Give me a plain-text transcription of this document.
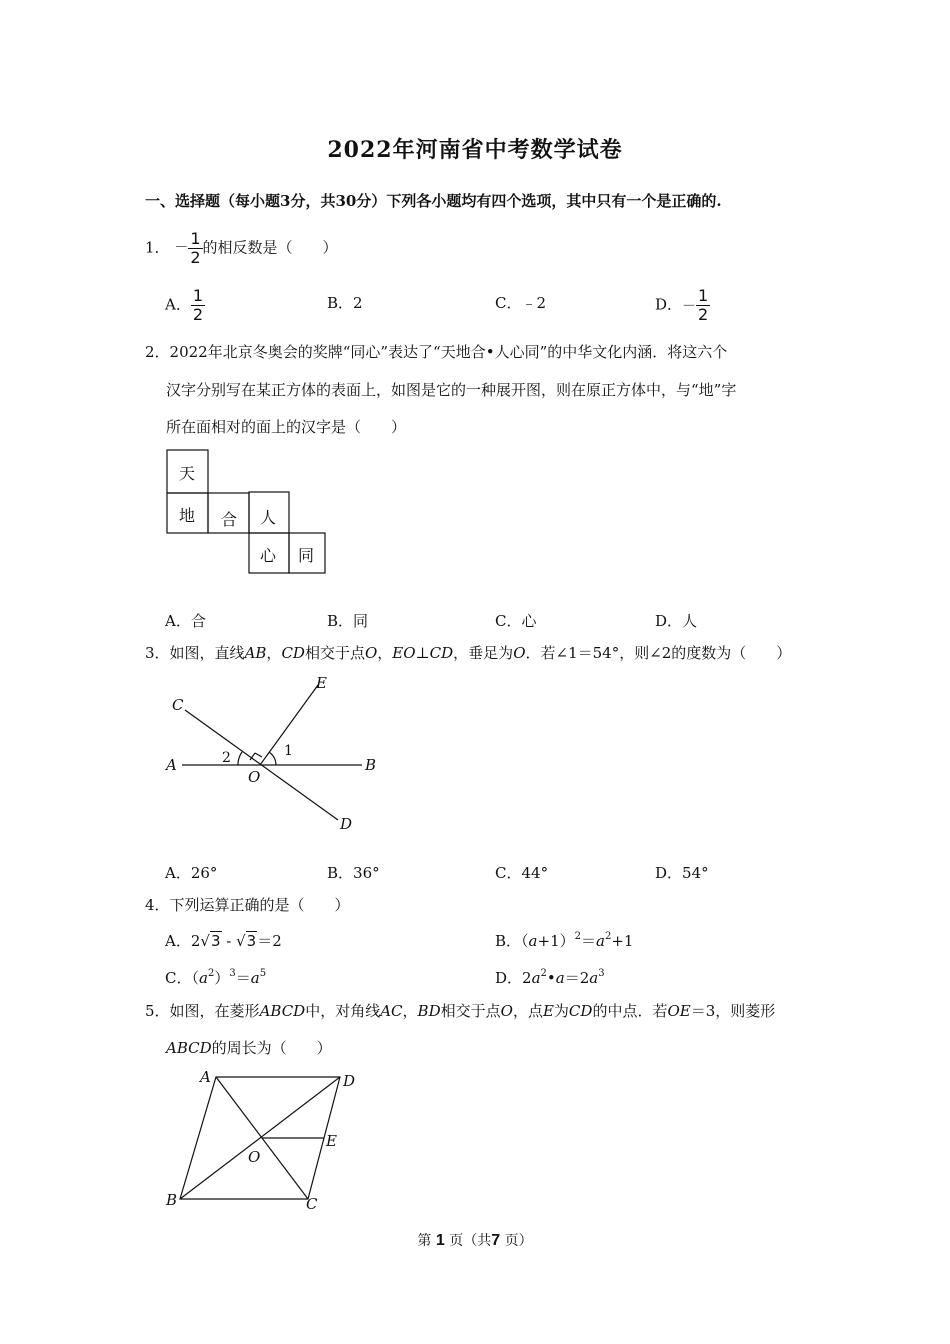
2022年河南省中考数学试卷
一、选择题（每小题3分，共30分）下列各小题均有四个选项，其中只有一个是正确的.
1． － $\frac{1}{2}$ 的相反数是（　　）
A． $\frac{1}{2}$	B．2	C．﹣2	D．－ $\frac{1}{2}$
2．2022年北京冬奥会的奖牌“同心”表达了“天地合•人心同”的中华文化内涵．将这六个
汉字分别写在某正方体的表面上，如图是它的一种展开图，则在原正方体中，与“地”字
所在面相对的面上的汉字是（　　）
天
地 合 人
心 同
A．合	B．同	C．心	D．人
3．如图，直线AB，CD相交于点O，EO⊥CD，垂足为O．若∠1＝54°，则∠2的度数为（　　）
C
E
A	B
O
D
2	1
A．26°	B．36°	C．44°	D．54°
4．下列运算正确的是（　　）
A．2√3 - √3＝2	B．$(a+1)^2=a^2+1$
C．$(a^2)^3=a^5$	D．$2a^2•a=2a^3$
5．如图，在菱形ABCD中，对角线AC，BD相交于点O，点E为CD的中点．若OE＝3，则菱形
ABCD的周长为（　　）
A	D
E
O
B	C
第 1 页（共7 页）
